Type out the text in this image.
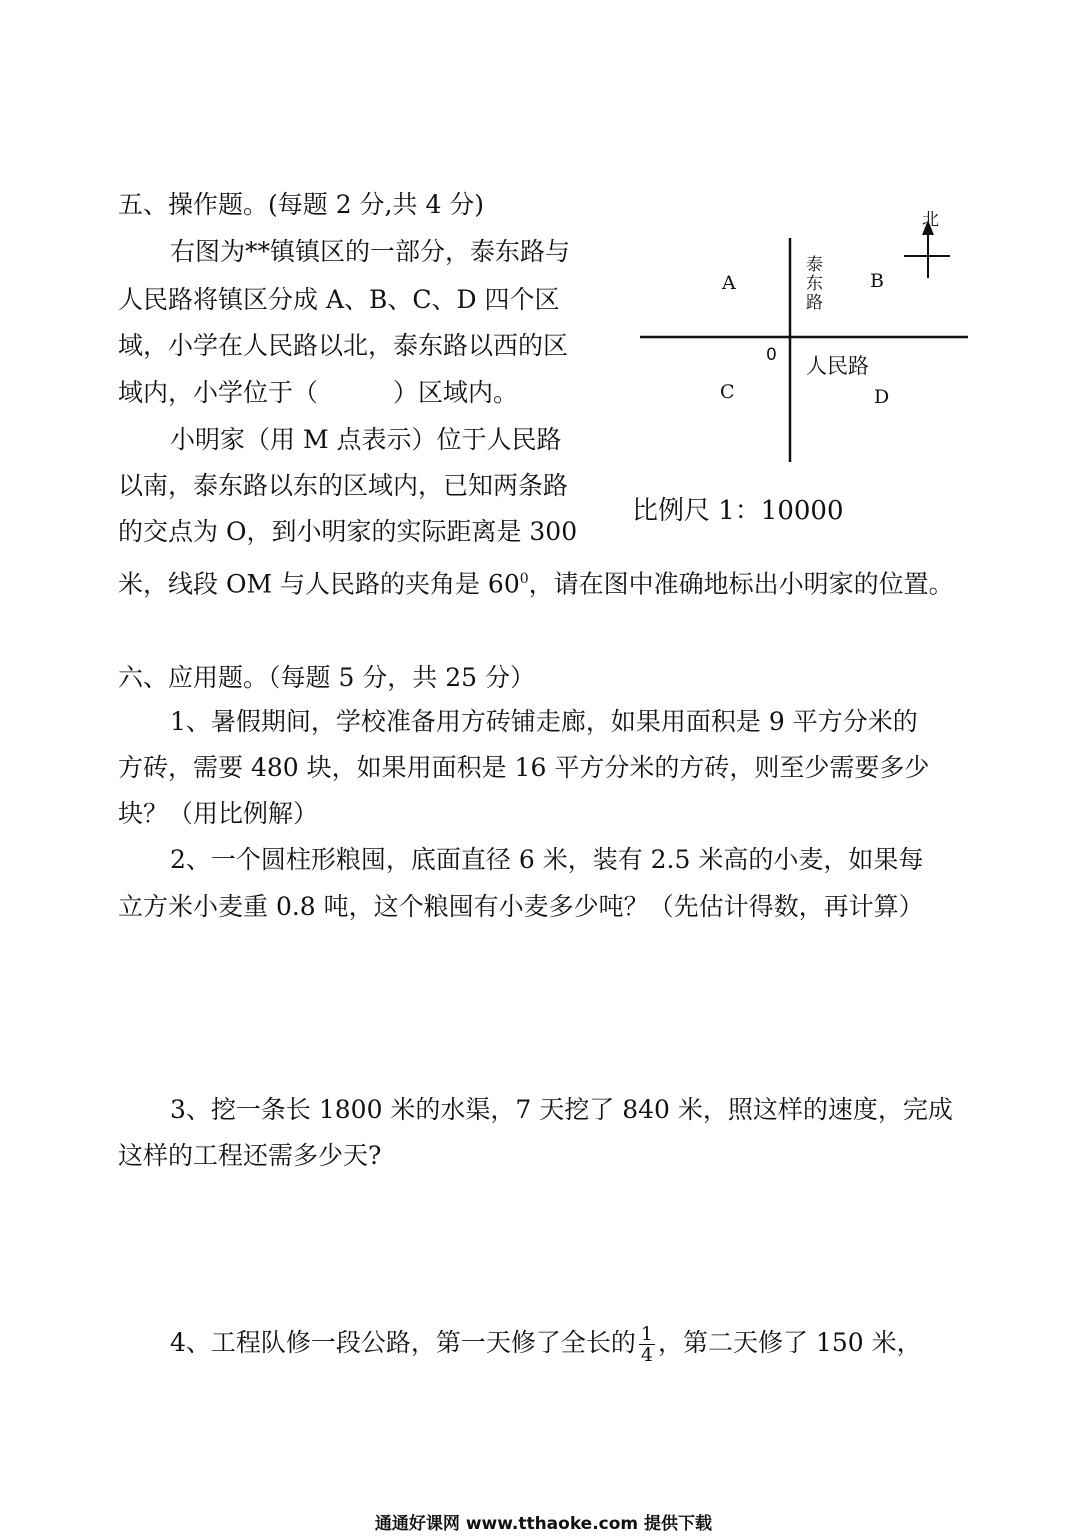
五、操作题。(每题 2 分,共 4 分)
右图为**镇镇区的一部分，泰东路与
人民路将镇区分成 A、B、C、D 四个区
域，小学在人民路以北，泰东路以西的区
域内，小学位于（　　　）区域内。
小明家（用 M 点表示）位于人民路
以南，泰东路以东的区域内，已知两条路
的交点为 O，到小明家的实际距离是 300
米，线段 OM 与人民路的夹角是 $60^0$，请在图中准确地标出小明家的位置。
北
A	B
C	D
泰
东
路
0 人民路
比例尺 1：10000
六、应用题。（每题 5 分，共 25 分）
1、暑假期间，学校准备用方砖铺走廊，如果用面积是 9 平方分米的
方砖，需要 480 块，如果用面积是 16 平方分米的方砖，则至少需要多少
块？（用比例解）
2、一个圆柱形粮囤，底面直径 6 米，装有 2.5 米高的小麦，如果每
立方米小麦重 0.8 吨，这个粮囤有小麦多少吨？（先估计得数，再计算）
3、挖一条长 1800 米的水渠，7 天挖了 840 米，照这样的速度，完成
这样的工程还需多少天?
4、工程队修一段公路，第一天修了全长的 $\frac{1}{4}$ ，第二天修了 150 米，
通通好课网 www.tthaoke.com 提供下载
